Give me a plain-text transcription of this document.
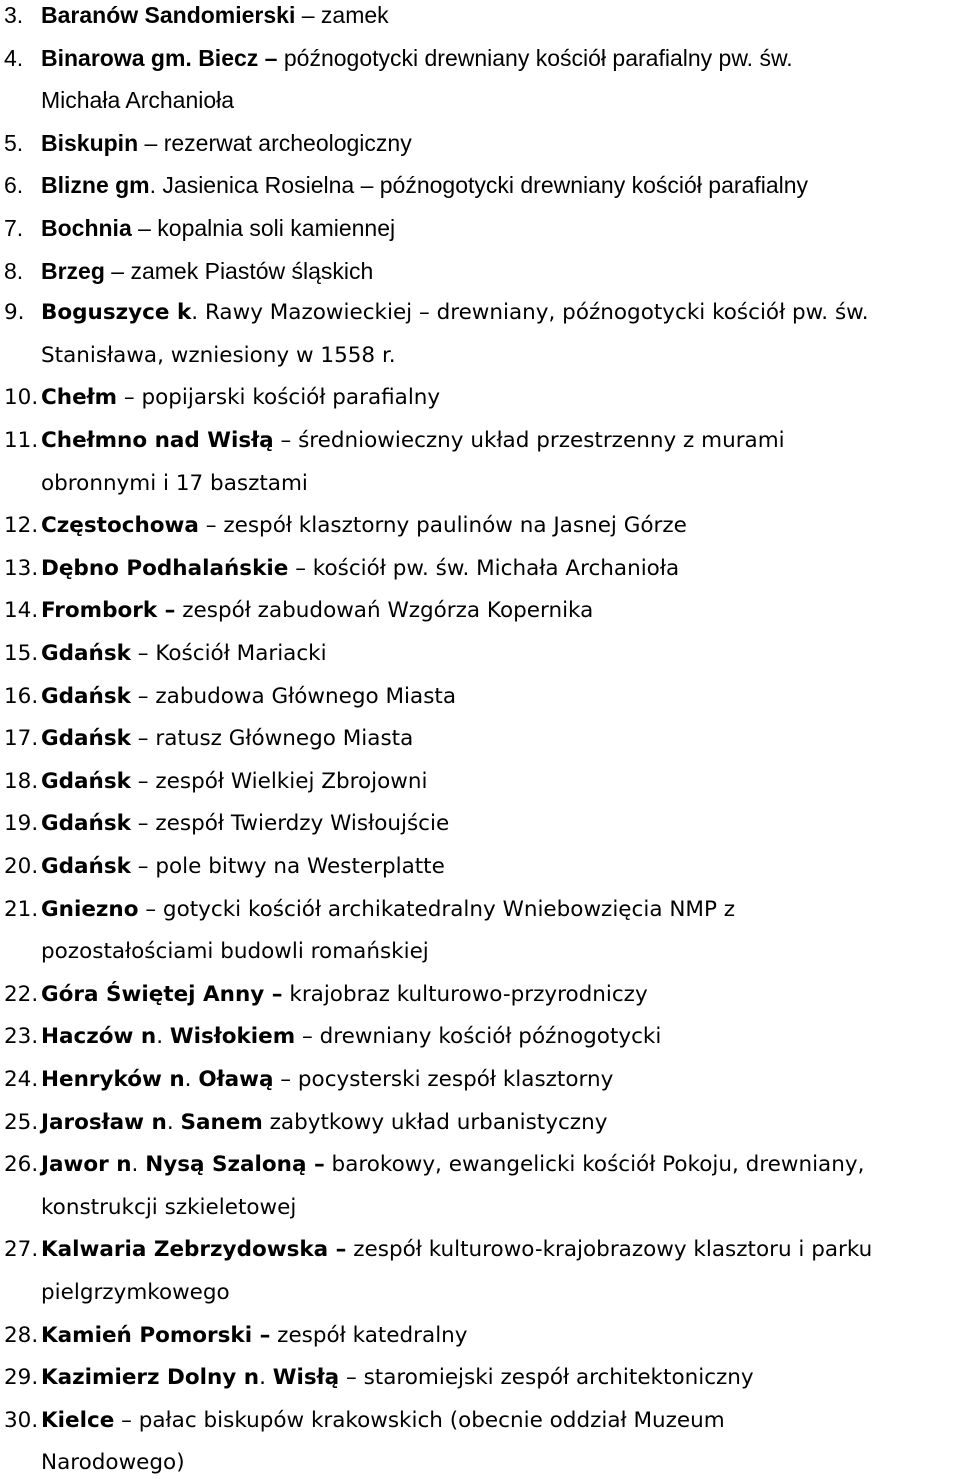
3. Baranów Sandomierski – zamek
4. Binarowa gm. Biecz – późnogotycki drewniany kościół parafialny pw. św.
Michała Archanioła
5. Biskupin – rezerwat archeologiczny
6. Blizne gm. Jasienica Rosielna – późnogotycki drewniany kościół parafialny
7. Bochnia – kopalnia soli kamiennej
8. Brzeg – zamek Piastów śląskich
9. Boguszyce k. Rawy Mazowieckiej – drewniany, późnogotycki kościół pw. św.
Stanisława, wzniesiony w 1558 r.
10. Chełm – popijarski kościół parafialny
11. Chełmno nad Wisłą – średniowieczny układ przestrzenny z murami
obronnymi i 17 basztami
12. Częstochowa – zespół klasztorny paulinów na Jasnej Górze
13. Dębno Podhalańskie – kościół pw. św. Michała Archanioła
14. Frombork – zespół zabudowań Wzgórza Kopernika
15. Gdańsk – Kościół Mariacki
16. Gdańsk – zabudowa Głównego Miasta
17. Gdańsk – ratusz Głównego Miasta
18. Gdańsk – zespół Wielkiej Zbrojowni
19. Gdańsk – zespół Twierdzy Wisłoujście
20. Gdańsk – pole bitwy na Westerplatte
21. Gniezno – gotycki kościół archikatedralny Wniebowzięcia NMP z
pozostałościami budowli romańskiej
22. Góra Świętej Anny – krajobraz kulturowo-przyrodniczy
23. Haczów n. Wisłokiem – drewniany kościół późnogotycki
24. Henryków n. Oławą – pocysterski zespół klasztorny
25. Jarosław n. Sanem zabytkowy układ urbanistyczny
26. Jawor n. Nysą Szaloną – barokowy, ewangelicki kościół Pokoju, drewniany,
konstrukcji szkieletowej
27. Kalwaria Zebrzydowska – zespół kulturowo-krajobrazowy klasztoru i parku
pielgrzymkowego
28. Kamień Pomorski – zespół katedralny
29. Kazimierz Dolny n. Wisłą – staromiejski zespół architektoniczny
30. Kielce – pałac biskupów krakowskich (obecnie oddział Muzeum
Narodowego)
